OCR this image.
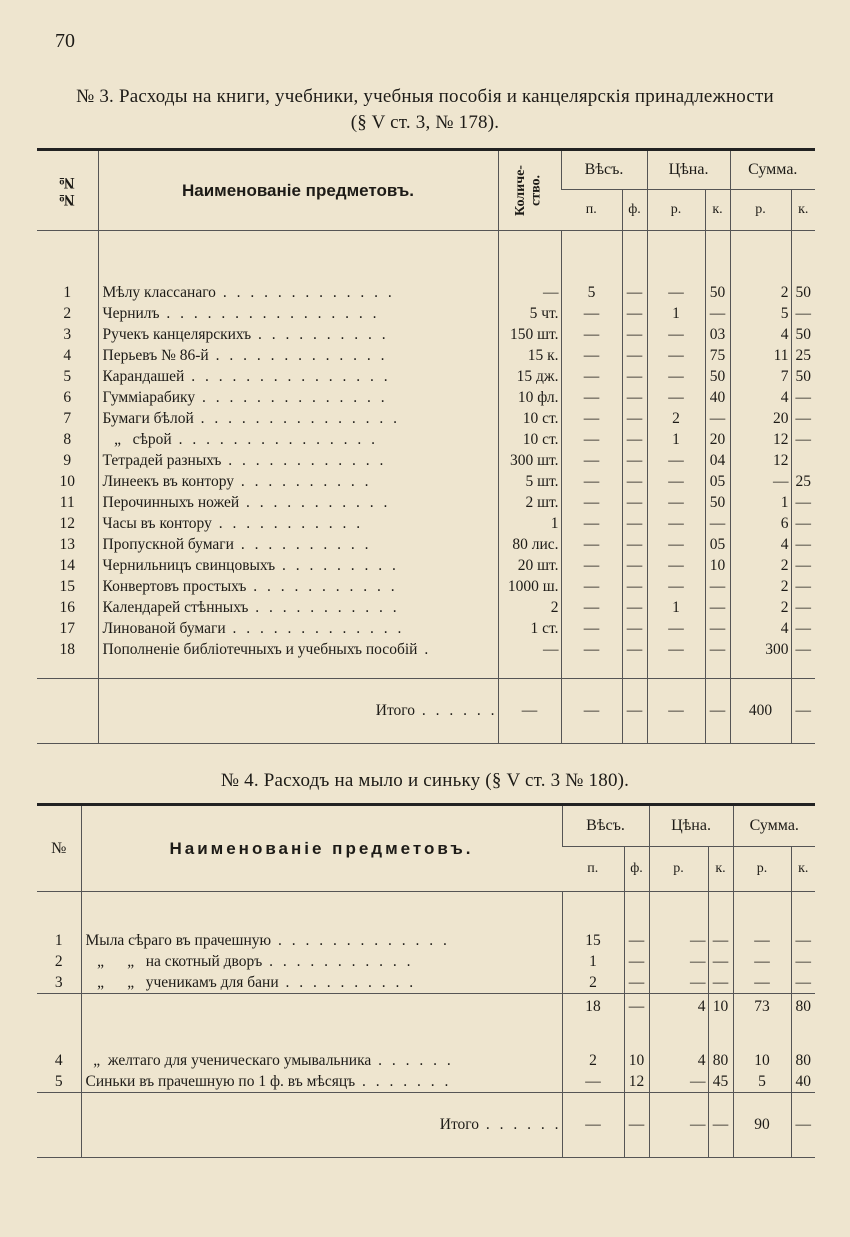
70
№ 3. Расходы на книги, учебники, учебныя пособія и канцелярскія принадлежности
(§ V ст. 3, № 178).
№№	Наименованіе предметовъ.	Количе-ство.	Вѣсъ.		Цѣна.		Сумма.	
			п.	ф.	р.	к.	р.	к.

1	Мѣлу классанаго . . . . . . . . . . . . .	—	5	—	—	50	2	50
2	Чернилъ . . . . . . . . . . . . . . . .	5 чт.	—	—	1	—	5	—
3	Ручекъ канцелярскихъ . . . . . . . . . .	150 шт.	—	—	—	03	4	50
4	Перьевъ № 86-й . . . . . . . . . . . . .	15 к.	—	—	—	75	11	25
5	Карандашей . . . . . . . . . . . . . . .	15 дж.	—	—	—	50	7	50
6	Гуммiарабику . . . . . . . . . . . . . .	10 фл.	—	—	—	40	4	—
7	Бумаги бѣлой . . . . . . . . . . . . . . .	10 ст.	—	—	2	—	20	—
8	„   сѣрой . . . . . . . . . . . . . . .	10 ст.	—	—	1	20	12	—
9	Тетрадей разныхъ . . . . . . . . . . . .	300 шт.	—	—	—	04	12	
10	Линеекъ въ контору . . . . . . . . . .	5 шт.	—	—	—	05	—	25
11	Перочинныхъ ножей . . . . . . . . . . .	2 шт.	—	—	—	50	1	—
12	Часы въ контору . . . . . . . . . . .	1	—	—	—	—	6	—
13	Пропускной бумаги . . . . . . . . . .	80 лис.	—	—	—	05	4	—
14	Чернильницъ свинцовыхъ . . . . . . . . .	20 шт.	—	—	—	10	2	—
15	Конвертовъ простыхъ . . . . . . . . . . .	1000 ш.	—	—	—	—	2	—
16	Календарей стѣнныхъ . . . . . . . . . . .	2	—	—	1	—	2	—
17	Линованой бумаги . . . . . . . . . . . . .	1 ст.	—	—	—	—	4	—
18	Пополненіе библіотечныхъ и учебныхъ пособій .	—	—	—	—	—	300	—

	Итого . . . . . .	—	—	—	—	—	400	—
№ 4. Расходъ на мыло и синьку (§ V ст. 3 № 180).
№	Наименованіе предметовъ.	Вѣсъ.		Цѣна.		Сумма.	
		п.	ф.	р.	к.	р.	к.

1	Мыла сѣраго въ прачешную . . . . . . . . . . . . .	15	—	—	—	—	—
2	„      „   на скотный дворъ . . . . . . . . . . .	1	—	—	—	—	—
3	„      „   ученикамъ для бани . . . . . . . . . .	2	—	—	—	—	—
		18	—	4	10	73	80

4	„  желтаго для ученическаго умывальника . . . . . .	2	10	4	80	10	80
5	Синьки въ прачешную по 1 ф. въ мѣсяцъ . . . . . . .	—	12	—	45	5	40
	Итого . . . . . .	—	—	—	—	90	—
